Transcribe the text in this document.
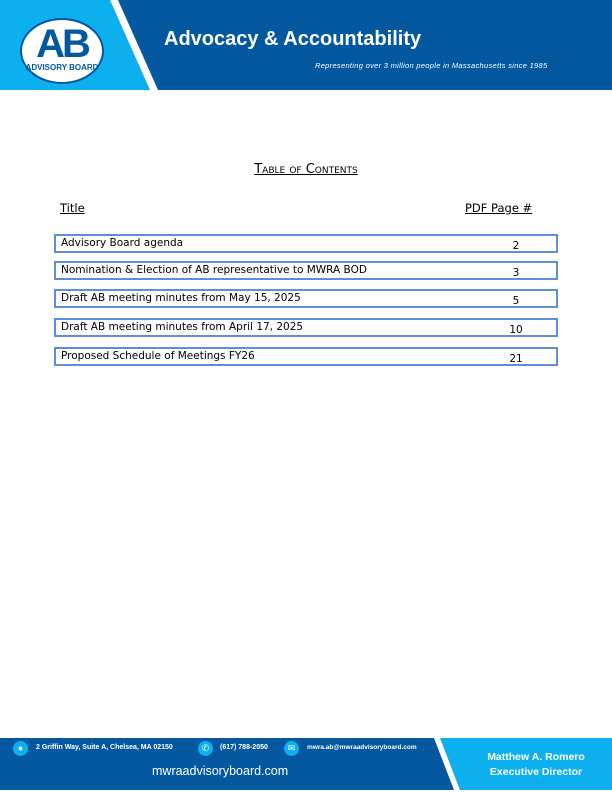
AB
ADVISORY BOARD
Advocacy & Accountability
Representing over 3 million people in Massachusetts since 1985
Table of Contents
Title	PDF Page #
Advisory Board agenda	2
Nomination & Election of AB representative to MWRA BOD	3
Draft AB meeting minutes from May 15, 2025	5
Draft AB meeting minutes from April 17, 2025	10
Proposed Schedule of Meetings FY26	21
●	2 Griffin Way, Suite A, Chelsea, MA 02150	✆	(617) 788-2050	✉	mwra.ab@mwraadvisoryboard.com
mwraadvisoryboard.com
Matthew A. Romero
Executive Director
